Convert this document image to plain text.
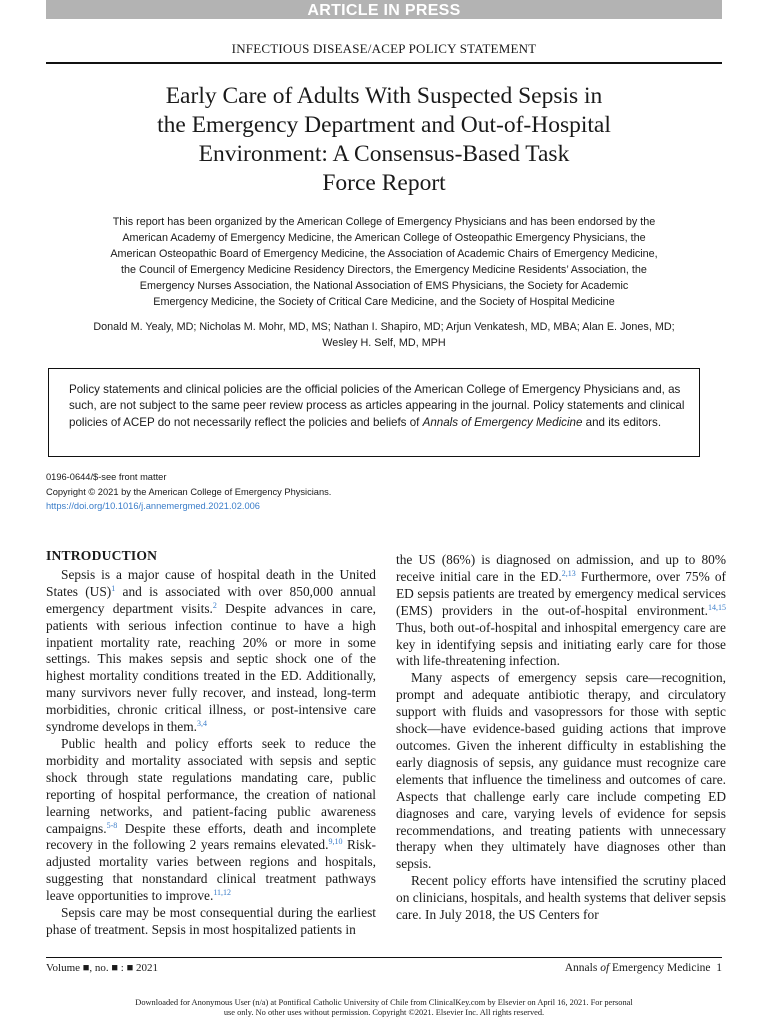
ARTICLE IN PRESS
INFECTIOUS DISEASE/ACEP POLICY STATEMENT
Early Care of Adults With Suspected Sepsis in
the Emergency Department and Out-of-Hospital
Environment: A Consensus-Based Task
Force Report
This report has been organized by the American College of Emergency Physicians and has been endorsed by the
American Academy of Emergency Medicine, the American College of Osteopathic Emergency Physicians, the
American Osteopathic Board of Emergency Medicine, the Association of Academic Chairs of Emergency Medicine,
the Council of Emergency Medicine Residency Directors, the Emergency Medicine Residents’ Association, the
Emergency Nurses Association, the National Association of EMS Physicians, the Society for Academic
Emergency Medicine, the Society of Critical Care Medicine, and the Society of Hospital Medicine
Donald M. Yealy, MD; Nicholas M. Mohr, MD, MS; Nathan I. Shapiro, MD; Arjun Venkatesh, MD, MBA; Alan E. Jones, MD;
Wesley H. Self, MD, MPH
Policy statements and clinical policies are the official policies of the American College of Emergency Physicians and, as such, are not subject to the same peer review process as articles appearing in the journal. Policy statements and clinical policies of ACEP do not necessarily reflect the policies and beliefs of Annals of Emergency Medicine and its editors.
0196-0644/$-see front matter
Copyright © 2021 by the American College of Emergency Physicians.
https://doi.org/10.1016/j.annemergmed.2021.02.006
INTRODUCTION

Sepsis is a major cause of hospital death in the United States (US)$^1$ and is associated with over 850,000 annual emergency department visits.$^2$ Despite advances in care, patients with serious infection continue to have a high inpatient mortality rate, reaching 20% or more in some settings. This makes sepsis and septic shock one of the highest mortality conditions treated in the ED. Additionally, many survivors never fully recover, and instead, long-term morbidities, chronic critical illness, or post-intensive care syndrome develops in them.$^{3,4}$

Public health and policy efforts seek to reduce the morbidity and mortality associated with sepsis and septic shock through state regulations mandating care, public reporting of hospital performance, the creation of national learning networks, and patient-facing public awareness campaigns.$^{5-8}$ Despite these efforts, death and incomplete recovery in the following 2 years remains elevated.$^{9,10}$ Risk-adjusted mortality varies between regions and hospitals, suggesting that nonstandard clinical treatment pathways leave opportunities to improve.$^{11,12}$

Sepsis care may be most consequential during the earliest phase of treatment. Sepsis in most hospitalized patients in

the US (86%) is diagnosed on admission, and up to 80% receive initial care in the ED.$^{2,13}$ Furthermore, over 75% of ED sepsis patients are treated by emergency medical services (EMS) providers in the out-of-hospital environment.$^{14,15}$ Thus, both out-of-hospital and inhospital emergency care are key in identifying sepsis and initiating early care for those with life-threatening infection.

Many aspects of emergency sepsis care—recognition, prompt and adequate antibiotic therapy, and circulatory support with fluids and vasopressors for those with septic shock—have evidence-based guiding actions that improve outcomes. Given the inherent difficulty in establishing the early diagnosis of sepsis, any guidance must recognize care elements that influence the timeliness and outcomes of care. Aspects that challenge early care include competing ED diagnoses and care, varying levels of evidence for sepsis recommendations, and treating patients with unnecessary therapy when they ultimately have diagnoses other than sepsis.

Recent policy efforts have intensified the scrutiny placed on clinicians, hospitals, and health systems that deliver sepsis care. In July 2018, the US Centers for

Volume ■, no. ■ : ■ 2021	Annals of Emergency Medicine 1
Downloaded for Anonymous User (n/a) at Pontifical Catholic University of Chile from ClinicalKey.com by Elsevier on April 16, 2021. For personal use only. No other uses without permission. Copyright ©2021. Elsevier Inc. All rights reserved.
